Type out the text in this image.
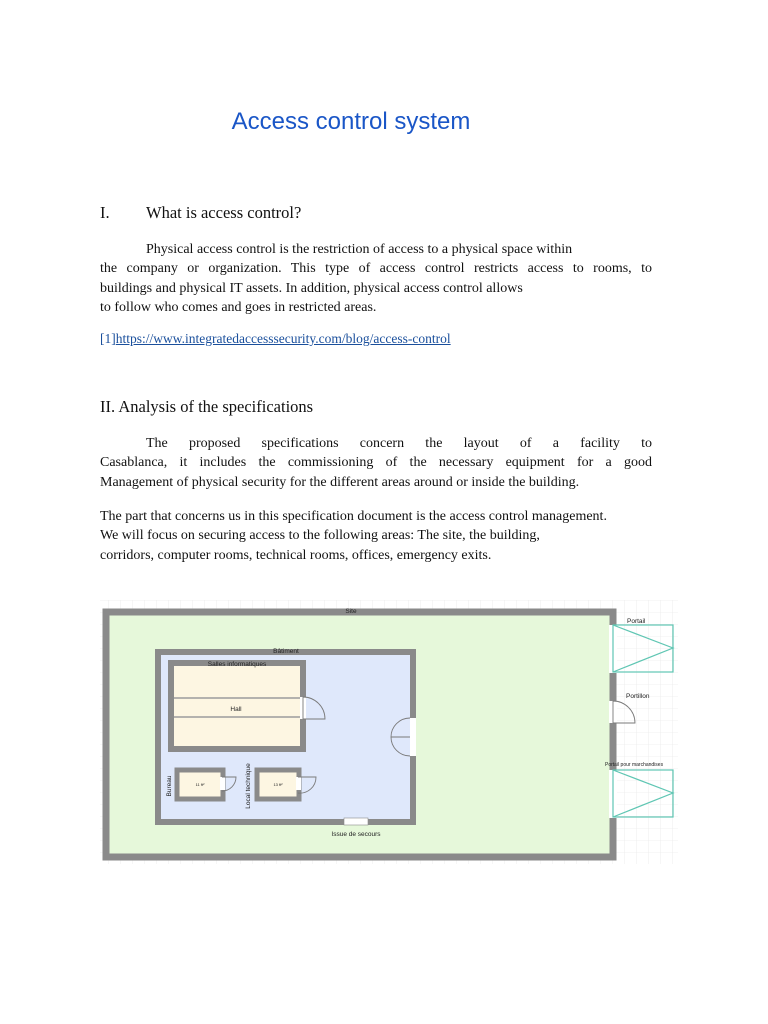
Access control system
I. What is access control?

Physical access control is the restriction of access to a physical space within
the company or organization. This type of access control restricts access to rooms, to
buildings and physical IT assets. In addition, physical access control allows
to follow who comes and goes in restricted areas.

[1]https://www.integratedaccesssecurity.com/blog/access-control
II. Analysis of the specifications

The proposed specifications concern the layout of a facility to
Casablanca, it includes the commissioning of the necessary equipment for a good
Management of physical security for the different areas around or inside the building.

The part that concerns us in this specification document is the access control management.
We will focus on securing access to the following areas: The site, the building,
corridors, computer rooms, technical rooms, offices, emergency exits.

Site
Bâtiment
Salles informatiques
Hall
11 ft²	13 ft²
Bureau	Local technique
Issue de secours
Portail
Portillon
Portail pour marchandises
